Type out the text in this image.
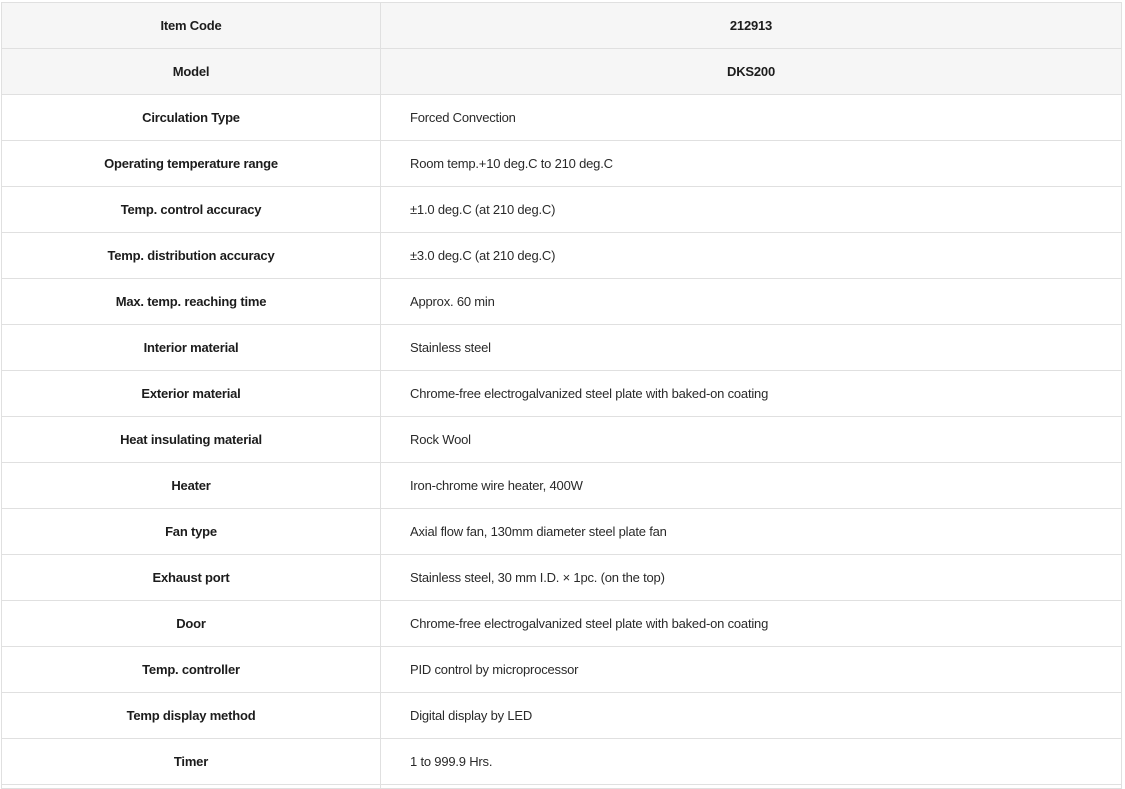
Item Code	212913
Model	DKS200
Circulation Type	Forced Convection
Operating temperature range	Room temp.+10 deg.C to 210 deg.C
Temp. control accuracy	±1.0 deg.C (at 210 deg.C)
Temp. distribution accuracy	±3.0 deg.C (at 210 deg.C)
Max. temp. reaching time	Approx. 60 min
Interior material	Stainless steel
Exterior material	Chrome-free electrogalvanized steel plate with baked-on coating
Heat insulating material	Rock Wool
Heater	Iron-chrome wire heater, 400W
Fan type	Axial flow fan, 130mm diameter steel plate fan
Exhaust port	Stainless steel, 30 mm I.D. × 1pc. (on the top)
Door	Chrome-free electrogalvanized steel plate with baked-on coating
Temp. controller	PID control by microprocessor
Temp display method	Digital display by LED
Timer	1 to 999.9 Hrs.
